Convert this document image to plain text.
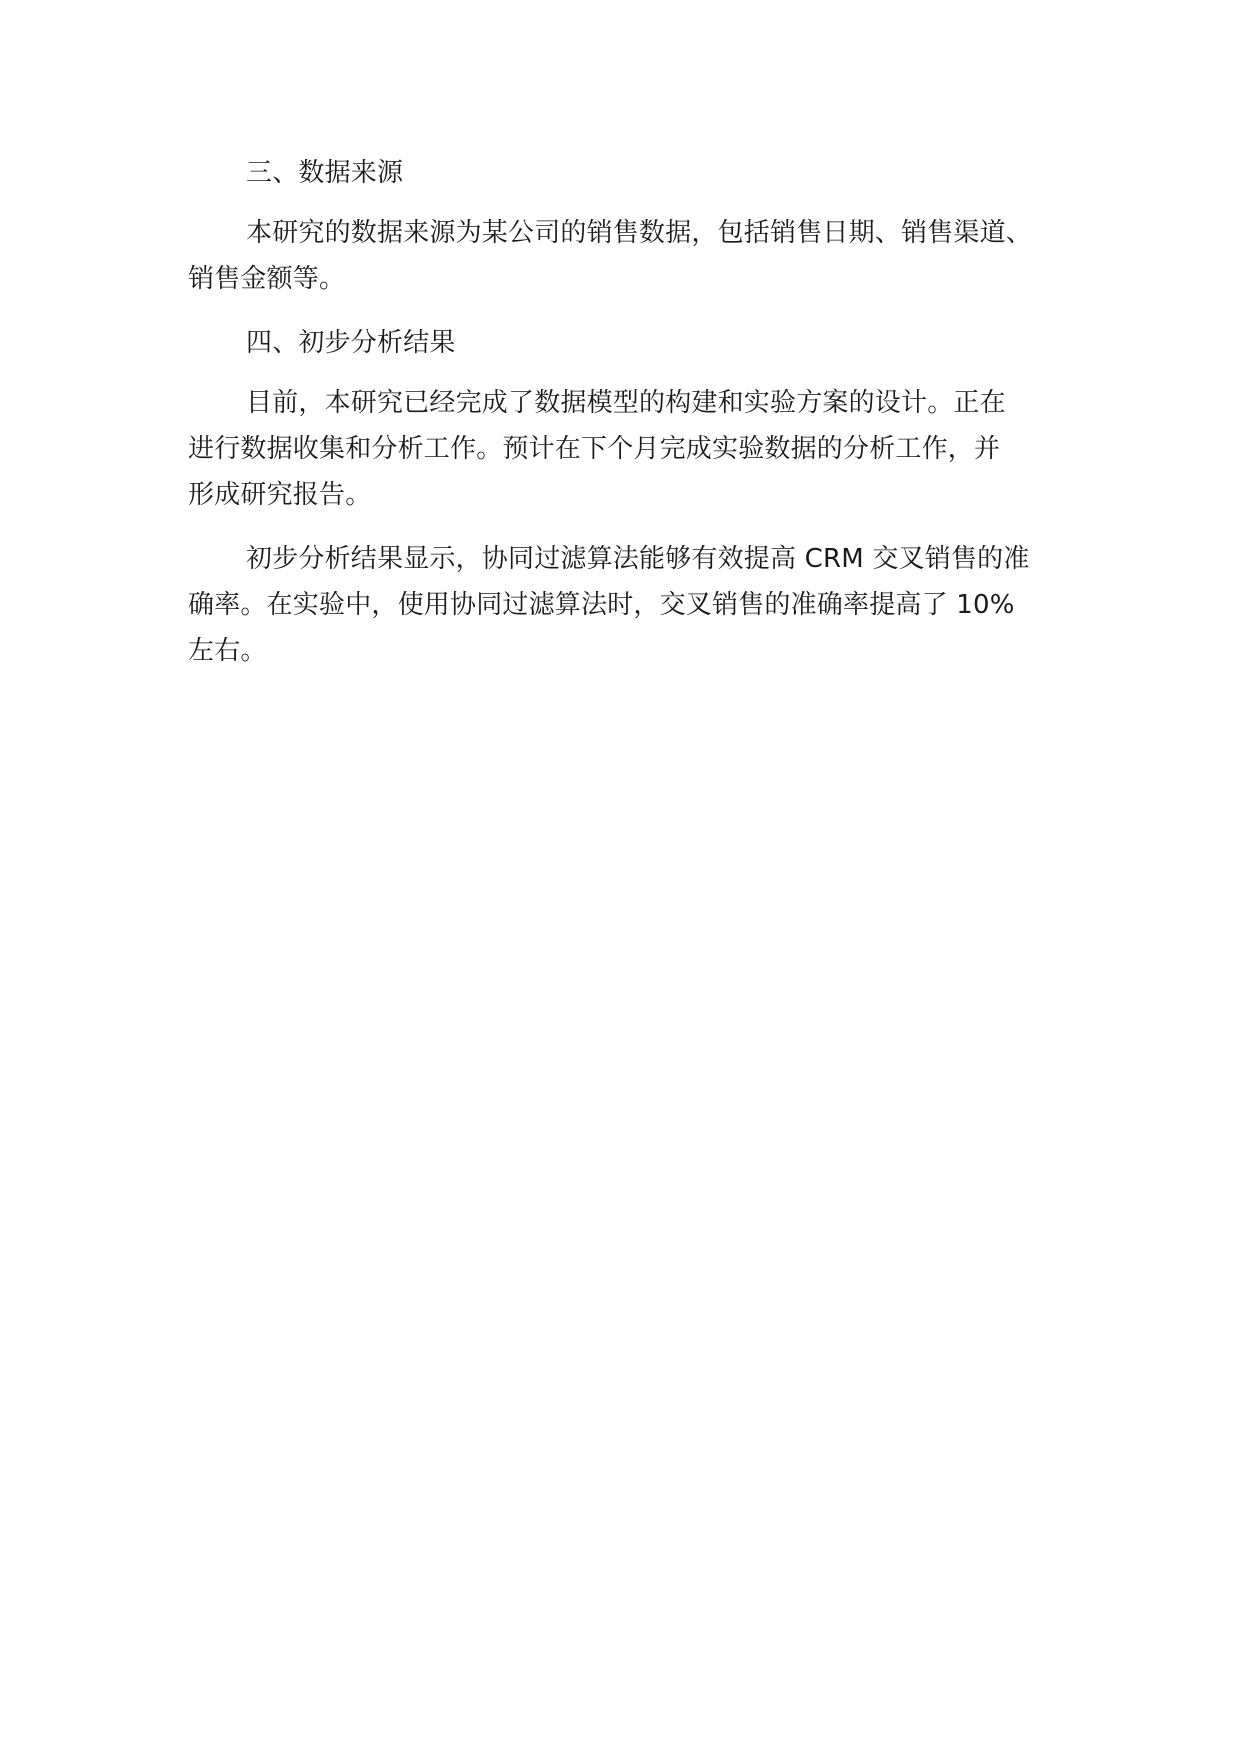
三、数据来源

本研究的数据来源为某公司的销售数据，包括销售日期、销售渠道、
销售金额等。

四、初步分析结果

目前，本研究已经完成了数据模型的构建和实验方案的设计。正在
进行数据收集和分析工作。预计在下个月完成实验数据的分析工作，并
形成研究报告。

初步分析结果显示，协同过滤算法能够有效提高 CRM 交叉销售的准
确率。在实验中，使用协同过滤算法时，交叉销售的准确率提高了 10%
左右。
